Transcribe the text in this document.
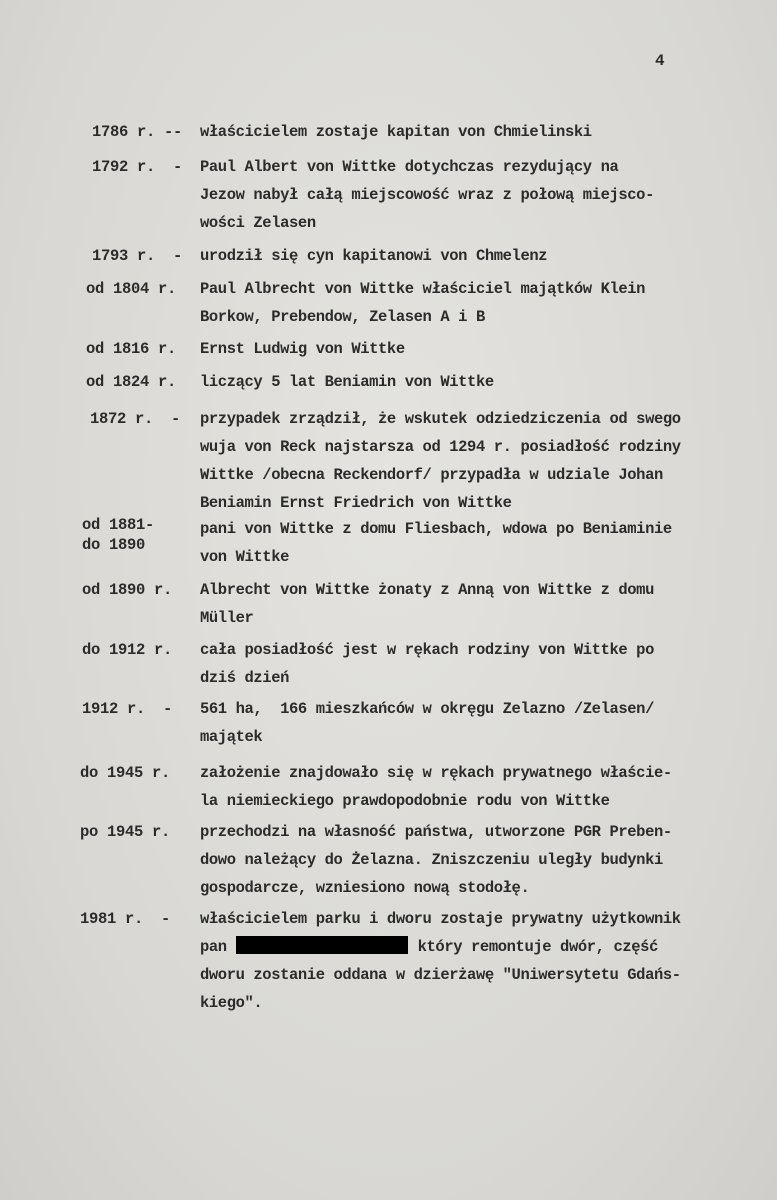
4
1786 r. -- właścicielem zostaje kapitan von Chmielinski
1792 r.  - Paul Albert von Wittke dotychczas rezydujący na
Jezow nabył całą miejscowość wraz z połową miejsco-
wości Zelasen
1793 r.  - urodził się cyn kapitanowi von Chmelenz
od 1804 r. Paul Albrecht von Wittke właściciel majątków Klein
Borkow, Prebendow, Zelasen A i B
od 1816 r. Ernst Ludwig von Wittke
od 1824 r. liczący 5 lat Beniamin von Wittke
1872 r.  - przypadek zrządził, że wskutek odziedziczenia od swego
wuja von Reck najstarsza od 1294 r. posiadłość rodziny
Wittke /obecna Reckendorf/ przypadła w udziale Johan
Beniamin Ernst Friedrich von Wittke
od 1881-
do 1890
pani von Wittke z domu Fliesbach, wdowa po Beniaminie
von Wittke
od 1890 r. Albrecht von Wittke żonaty z Anną von Wittke z domu
Müller
do 1912 r. cała posiadłość jest w rękach rodziny von Wittke po
dziś dzień
1912 r.  - 561 ha,  166 mieszkańców w okręgu Zelazno /Zelasen/
majątek
do 1945 r. założenie znajdowało się w rękach prywatnego właście-
la niemieckiego prawdopodobnie rodu von Wittke
po 1945 r. przechodzi na własność państwa, utworzone PGR Preben-
dowo należący do Żelazna. Zniszczeniu uległy budynki
gospodarcze, wzniesiono nową stodołę.
1981 r.  - właścicielem parku i dworu zostaje prywatny użytkownik
pan	który remontuje dwór, część
dworu zostanie oddana w dzierżawę "Uniwersytetu Gdańs-
kiego".
